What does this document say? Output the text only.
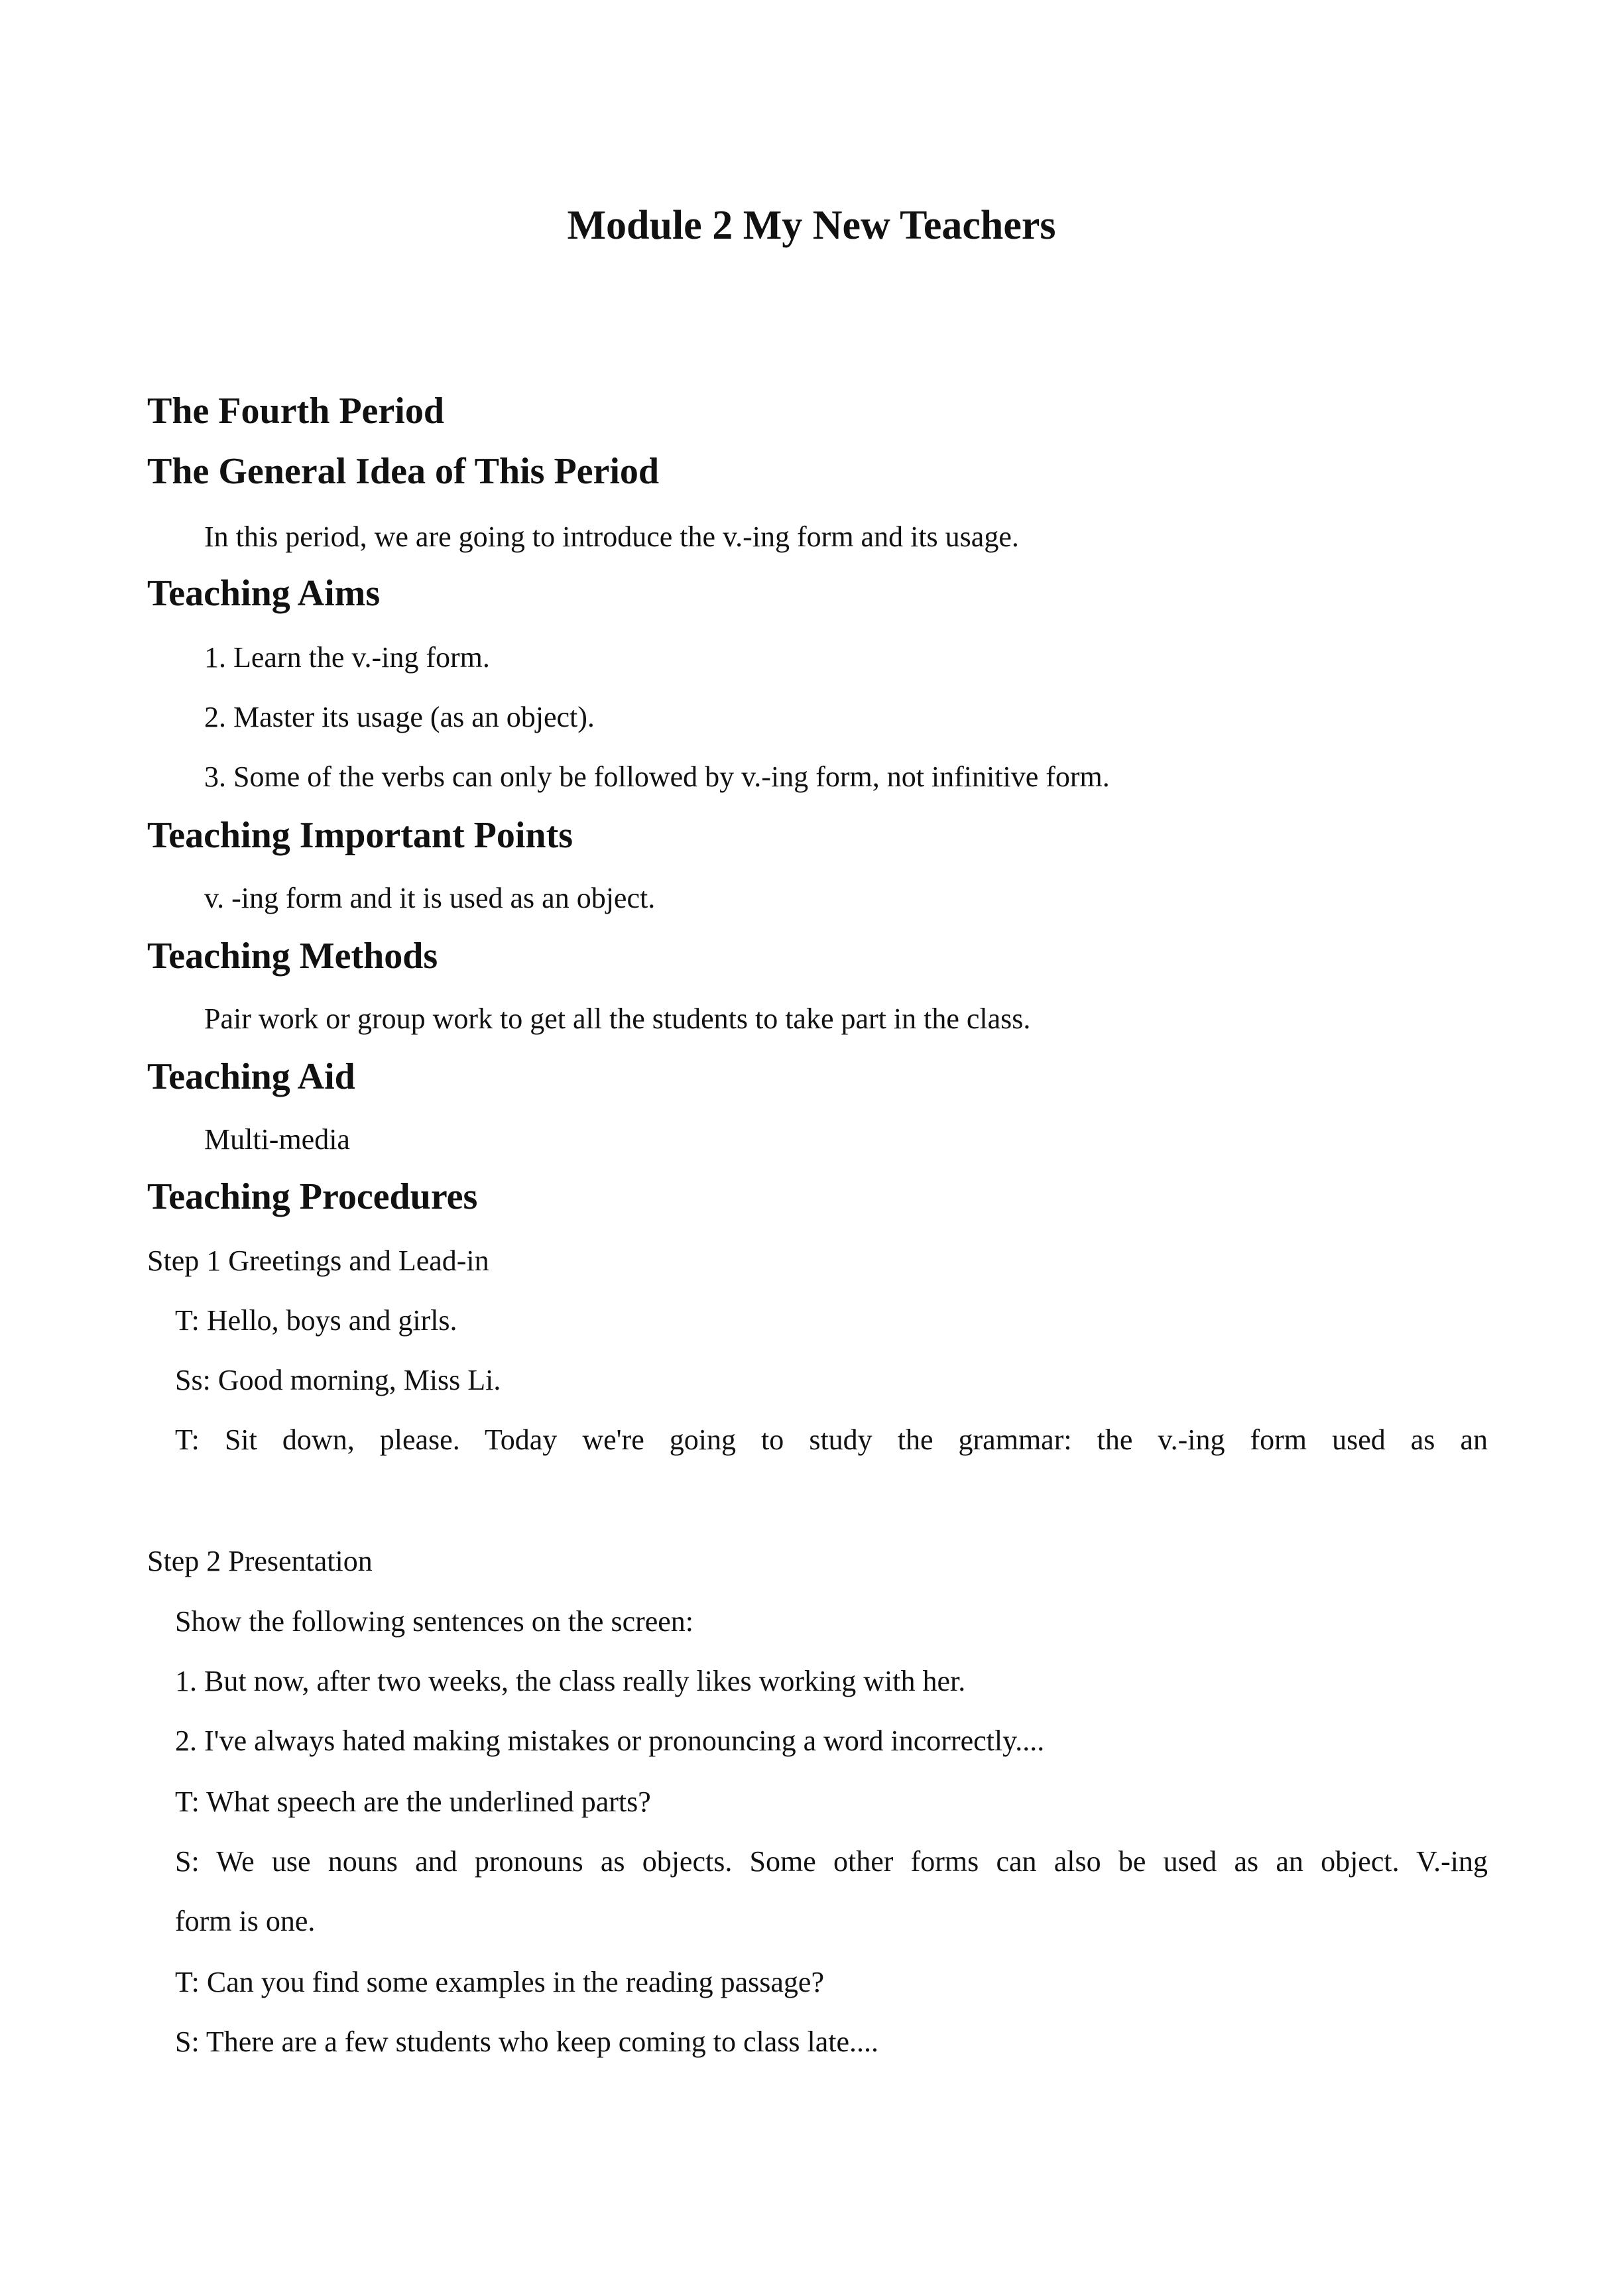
Module 2 My New Teachers
The Fourth Period
The General Idea of This Period
In this period, we are going to introduce the v.-ing form and its usage.
Teaching Aims
1. Learn the v.-ing form.
2. Master its usage (as an object).
3. Some of the verbs can only be followed by v.-ing form, not infinitive form.
Teaching Important Points
v. -ing form and it is used as an object.
Teaching Methods
Pair work or group work to get all the students to take part in the class.
Teaching Aid
Multi-media
Teaching Procedures
Step 1 Greetings and Lead-in
T: Hello, boys and girls.
Ss: Good morning, Miss Li.
T: Sit down, please. Today we're going to study the grammar: the v.-ing form used as an
Step 2 Presentation
Show the following sentences on the screen:
1. But now, after two weeks, the class really likes working with her.
2. I've always hated making mistakes or pronouncing a word incorrectly....
T: What speech are the underlined parts?
S: We use nouns and pronouns as objects. Some other forms can also be used as an object. V.-ing
form is one.
T: Can you find some examples in the reading passage?
S: There are a few students who keep coming to class late....
